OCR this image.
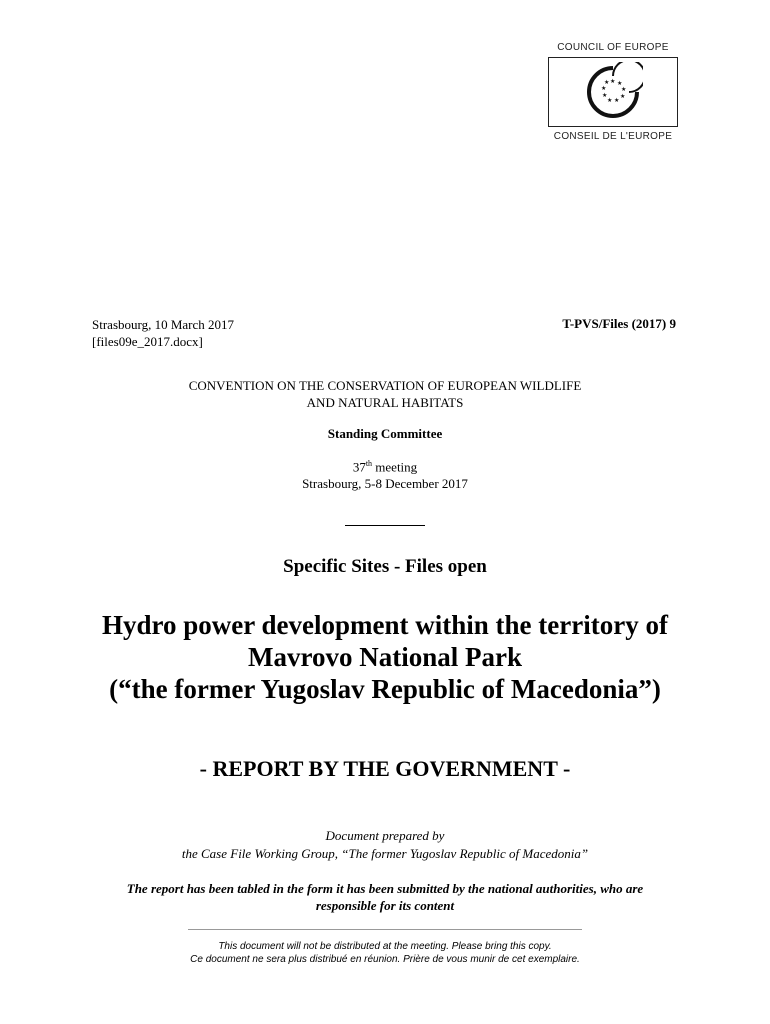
COUNCIL OF EUROPE
★ ★
★
★
★
★
★
★
★
CONSEIL DE L'EUROPE
Strasbourg, 10 March 2017
[files09e_2017.docx]
T-PVS/Files (2017) 9
CONVENTION ON THE CONSERVATION OF EUROPEAN WILDLIFE
AND NATURAL HABITATS
Standing Committee
37th meeting
Strasbourg, 5-8 December 2017
Specific Sites - Files open
Hydro power development within the territory of
Mavrovo National Park
(“the former Yugoslav Republic of Macedonia”)
- REPORT BY THE GOVERNMENT -
Document prepared by
the Case File Working Group, “The former Yugoslav Republic of Macedonia”
The report has been tabled in the form it has been submitted by the national authorities, who are
responsible for its content
This document will not be distributed at the meeting. Please bring this copy.
Ce document ne sera plus distribué en réunion. Prière de vous munir de cet exemplaire.
